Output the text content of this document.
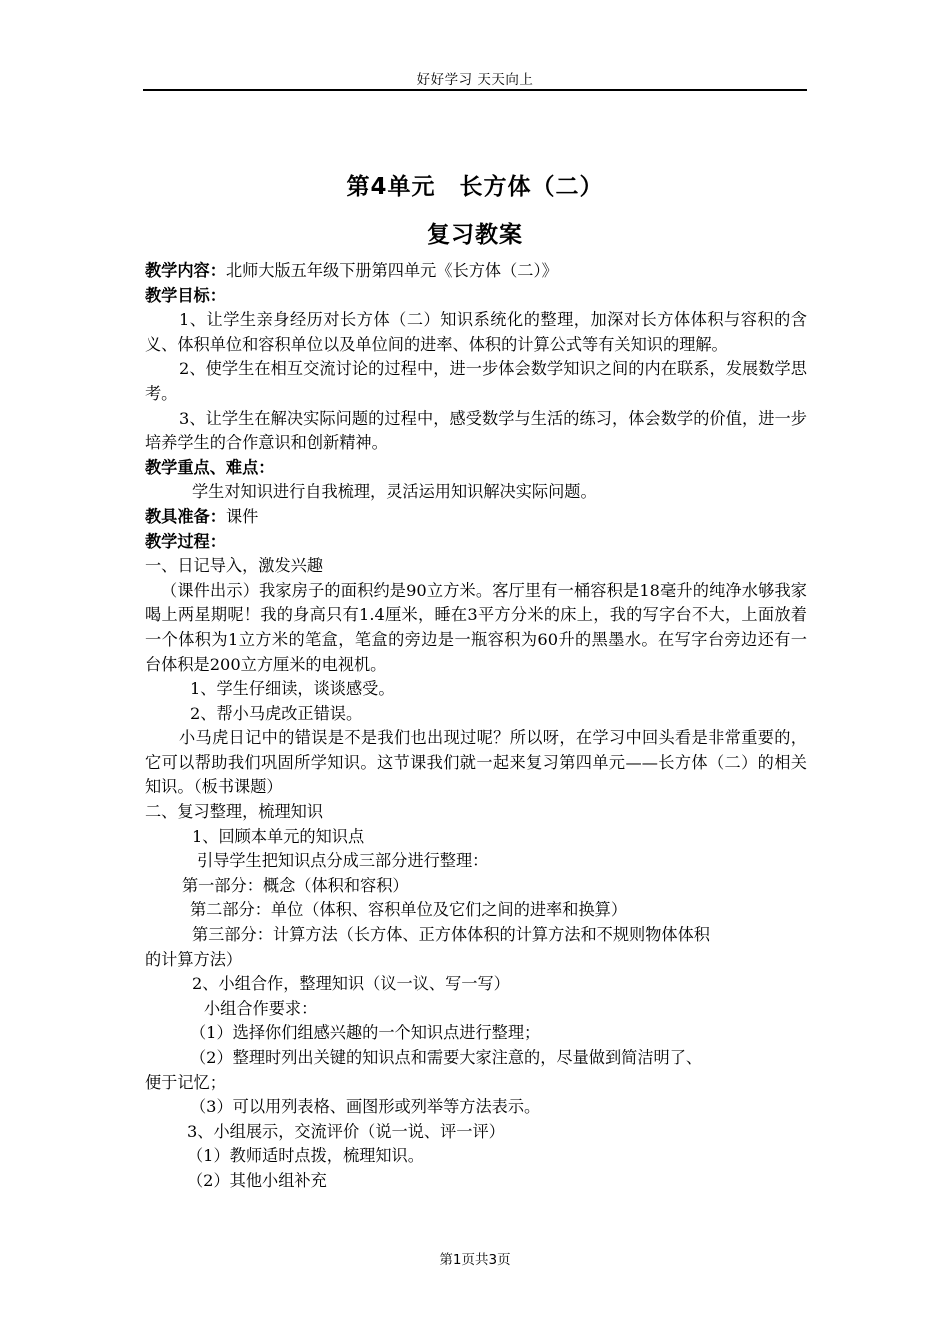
好好学习 天天向上
第4单元　长方体（二）
复习教案
教学内容：北师大版五年级下册第四单元《长方体（二）》
教学目标：
1、让学生亲身经历对长方体（二）知识系统化的整理，加深对长方体体积与容积的含义、体积单位和容积单位以及单位间的进率、体积的计算公式等有关知识的理解。
2、使学生在相互交流讨论的过程中，进一步体会数学知识之间的内在联系，发展数学思考。
3、让学生在解决实际问题的过程中，感受数学与生活的练习，体会数学的价值，进一步培养学生的合作意识和创新精神。
教学重点、难点：
学生对知识进行自我梳理，灵活运用知识解决实际问题。
教具准备：课件
教学过程：
一、日记导入，激发兴趣
（课件出示）我家房子的面积约是90立方米。客厅里有一桶容积是18毫升的纯净水够我家喝上两星期呢！我的身高只有1.4厘米，睡在3平方分米的床上，我的写字台不大，上面放着一个体积为1立方米的笔盒，笔盒的旁边是一瓶容积为60升的黑墨水。在写字台旁边还有一台体积是200立方厘米的电视机。
1、学生仔细读，谈谈感受。
2、帮小马虎改正错误。
小马虎日记中的错误是不是我们也出现过呢？所以呀，在学习中回头看是非常重要的，它可以帮助我们巩固所学知识。这节课我们就一起来复习第四单元——长方体（二）的相关知识。（板书课题）
二、复习整理，梳理知识
1、回顾本单元的知识点
引导学生把知识点分成三部分进行整理：
第一部分：概念（体积和容积）
第二部分：单位（体积、容积单位及它们之间的进率和换算）
第三部分：计算方法（长方体、正方体体积的计算方法和不规则物体体积
的计算方法）
2、小组合作，整理知识（议一议、写一写）
小组合作要求：
（1）选择你们组感兴趣的一个知识点进行整理；
（2）整理时列出关键的知识点和需要大家注意的，尽量做到简洁明了、
便于记忆；
（3）可以用列表格、画图形或列举等方法表示。
3、小组展示，交流评价（说一说、评一评）
（1）教师适时点拨，梳理知识。
（2）其他小组补充
第1页共3页
